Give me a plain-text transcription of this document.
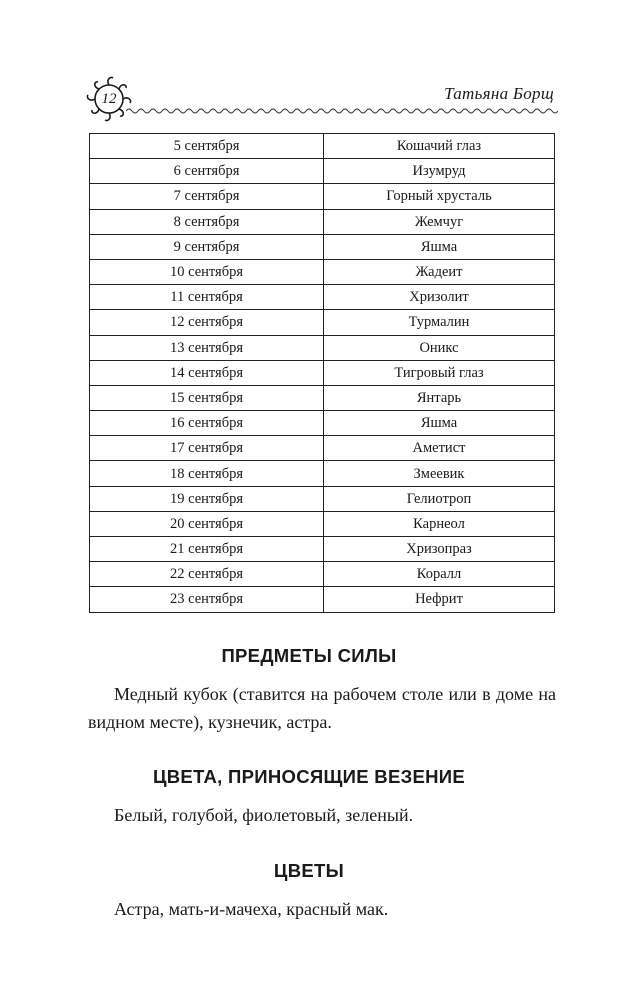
12	Татьяна Борщ
5 сентября	Кошачий глаз
6 сентября	Изумруд
7 сентября	Горный хрусталь
8 сентября	Жемчуг
9 сентября	Яшма
10 сентября	Жадеит
11 сентября	Хризолит
12 сентября	Турмалин
13 сентября	Оникс
14 сентября	Тигровый глаз
15 сентября	Янтарь
16 сентября	Яшма
17 сентября	Аметист
18 сентября	Змеевик
19 сентября	Гелиотроп
20 сентября	Карнеол
21 сентября	Хризопраз
22 сентября	Коралл
23 сентября	Нефрит
ПРЕДМЕТЫ СИЛЫ

Медный кубок (ставится на рабочем столе или в доме на видном месте), кузнечик, астра.

ЦВЕТА, ПРИНОСЯЩИЕ ВЕЗЕНИЕ

Белый, голубой, фиолетовый, зеленый.

ЦВЕТЫ

Астра, мать-и-мачеха, красный мак.
